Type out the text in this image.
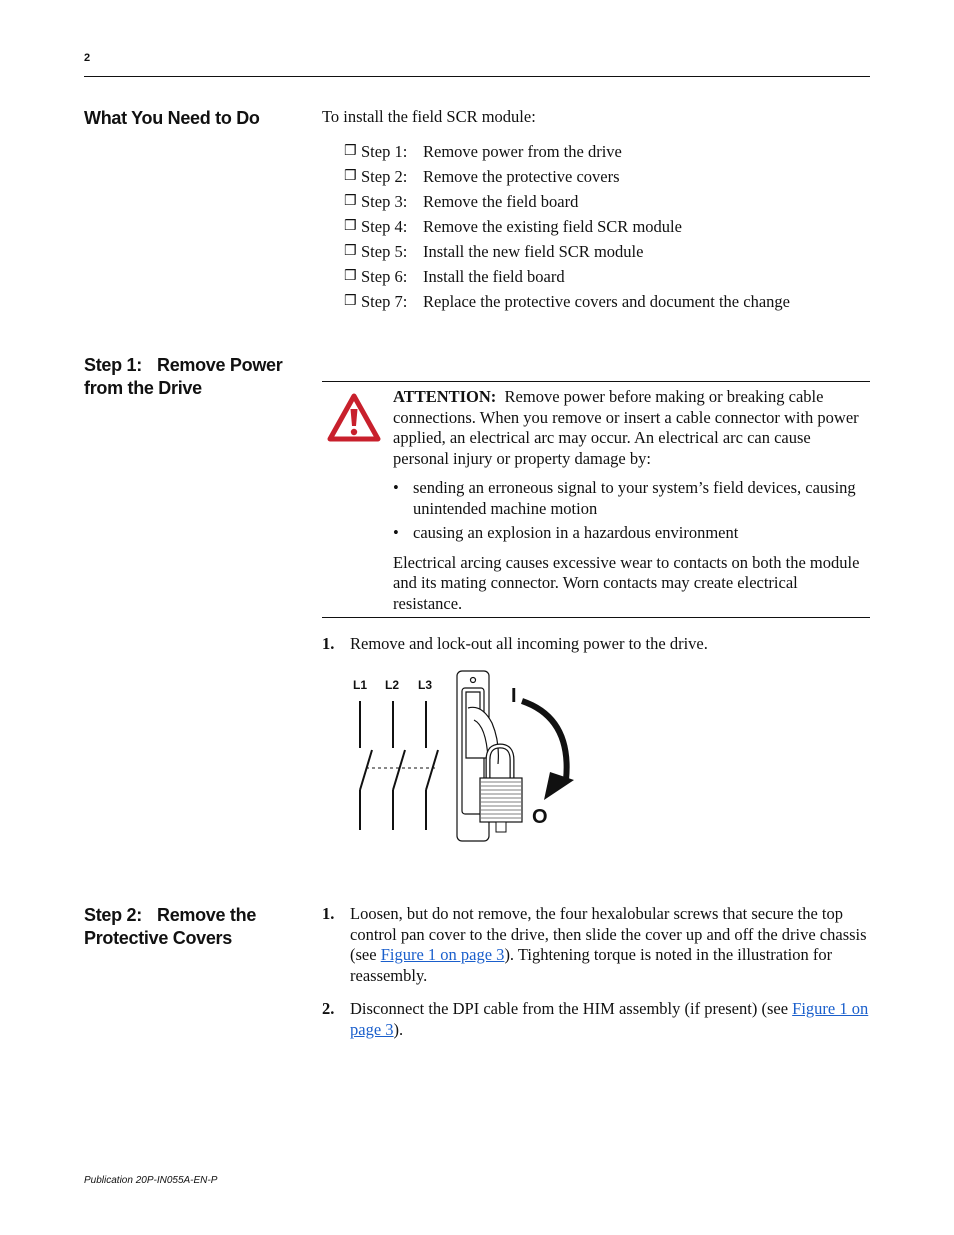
2
What You Need to Do	To install the field SCR module:
❒ Step 1: Remove power from the drive
❒ Step 2: Remove the protective covers
❒ Step 3: Remove the field board
❒ Step 4: Remove the existing field SCR module
❒ Step 5: Install the new field SCR module
❒ Step 6: Install the field board
❒ Step 7: Replace the protective covers and document the change
Step 1: Remove Power
from the Drive	ATTENTION: Remove power before making or breaking cable connections. When you remove or insert a cable connector with power applied, an electrical arc may occur. An electrical arc can cause personal injury or property damage by:

• sending an erroneous signal to your system’s field devices, causing unintended machine motion
• causing an explosion in a hazardous environment

Electrical arcing causes excessive wear to contacts on both the module and its mating connector. Worn contacts may create electrical resistance.

1. Remove and lock-out all incoming power to the drive.
L1 L2 L3	I
O
Step 2: Remove the
Protective Covers
1. Loosen, but do not remove, the four hexalobular screws that secure the top control pan cover to the drive, then slide the cover up and off the drive chassis (see Figure 1 on page 3). Tightening torque is noted in the illustration for reassembly.
2. Disconnect the DPI cable from the HIM assembly (if present) (see Figure 1 on page 3).
Publication 20P-IN055A-EN-P
